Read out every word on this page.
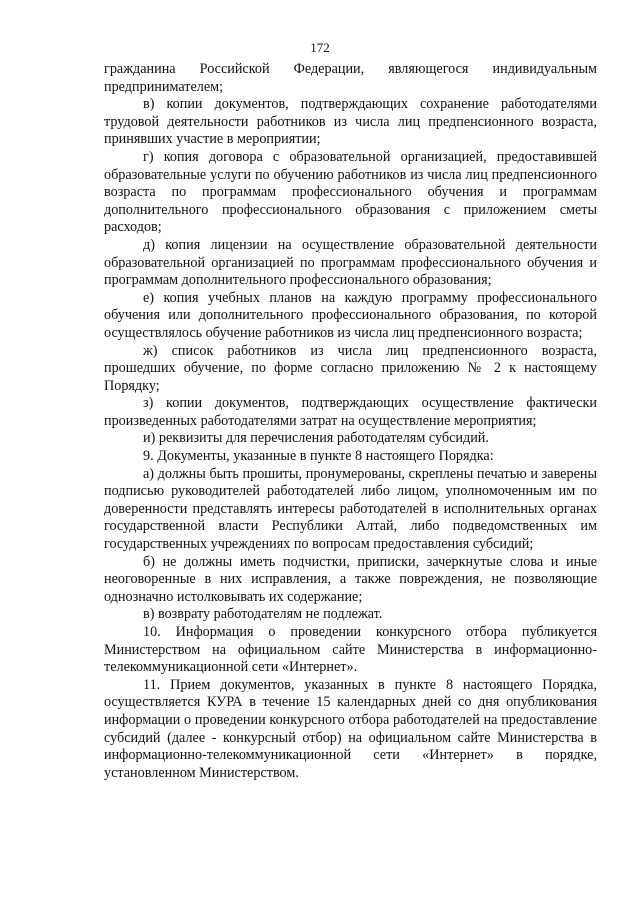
172

гражданина Российской Федерации, являющегося индивидуальным предпринимателем;

в) копии документов, подтверждающих сохранение работодателями трудовой деятельности работников из числа лиц предпенсионного возраста, принявших участие в мероприятии;

г) копия договора с образовательной организацией, предоставившей образовательные услуги по обучению работников из числа лиц предпенсионного возраста по программам профессионального обучения и программам дополнительного профессионального образования с приложением сметы расходов;

д) копия лицензии на осуществление образовательной деятельности образовательной организацией по программам профессионального обучения и программам дополнительного профессионального образования;

е) копия учебных планов на каждую программу профессионального обучения или дополнительного профессионального образования, по которой осуществлялось обучение работников из числа лиц предпенсионного возраста;

ж) список работников из числа лиц предпенсионного возраста, прошедших обучение, по форме согласно приложению № 2 к настоящему Порядку;

з) копии документов, подтверждающих осуществление фактически произведенных работодателями затрат на осуществление мероприятия;

и) реквизиты для перечисления работодателям субсидий.

9. Документы, указанные в пункте 8 настоящего Порядка:

а) должны быть прошиты, пронумерованы, скреплены печатью и заверены подписью руководителей работодателей либо лицом, уполномоченным им по доверенности представлять интересы работодателей в исполнительных органах государственной власти Республики Алтай, либо подведомственных им государственных учреждениях по вопросам предоставления субсидий;

б) не должны иметь подчистки, приписки, зачеркнутые слова и иные неоговоренные в них исправления, а также повреждения, не позволяющие однозначно истолковывать их содержание;

в) возврату работодателям не подлежат.

10. Информация о проведении конкурсного отбора публикуется Министерством на официальном сайте Министерства в информационно-телекоммуникационной сети «Интернет».

11. Прием документов, указанных в пункте 8 настоящего Порядка, осуществляется КУРА в течение 15 календарных дней со дня опубликования информации о проведении конкурсного отбора работодателей на предоставление субсидий (далее - конкурсный отбор) на официальном сайте Министерства в информационно-телекоммуникационной сети «Интернет» в порядке, установленном Министерством.
